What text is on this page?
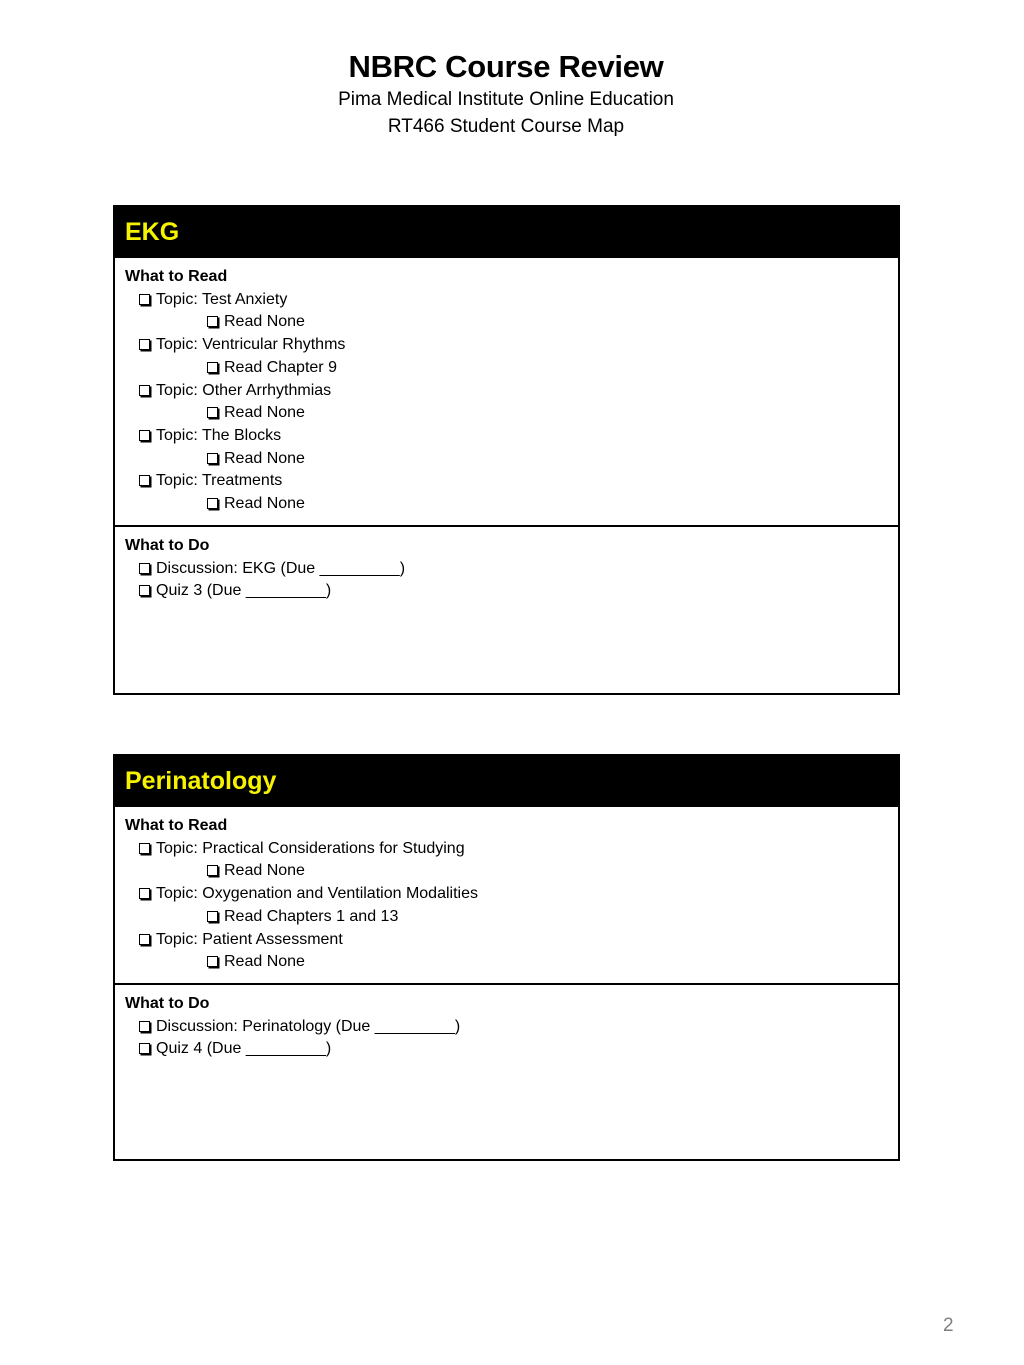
NBRC Course Review
Pima Medical Institute Online Education
RT466 Student Course Map
EKG
What to Read
Topic: Test Anxiety
Read None
Topic: Ventricular Rhythms
Read Chapter 9
Topic: Other Arrhythmias
Read None
Topic: The Blocks
Read None
Topic: Treatments
Read None
What to Do
Discussion: EKG (Due _________)
Quiz 3 (Due _________)
Perinatology
What to Read
Topic: Practical Considerations for Studying
Read None
Topic: Oxygenation and Ventilation Modalities
Read Chapters 1 and 13
Topic: Patient Assessment
Read None
What to Do
Discussion: Perinatology (Due _________)
Quiz 4 (Due _________)
2
